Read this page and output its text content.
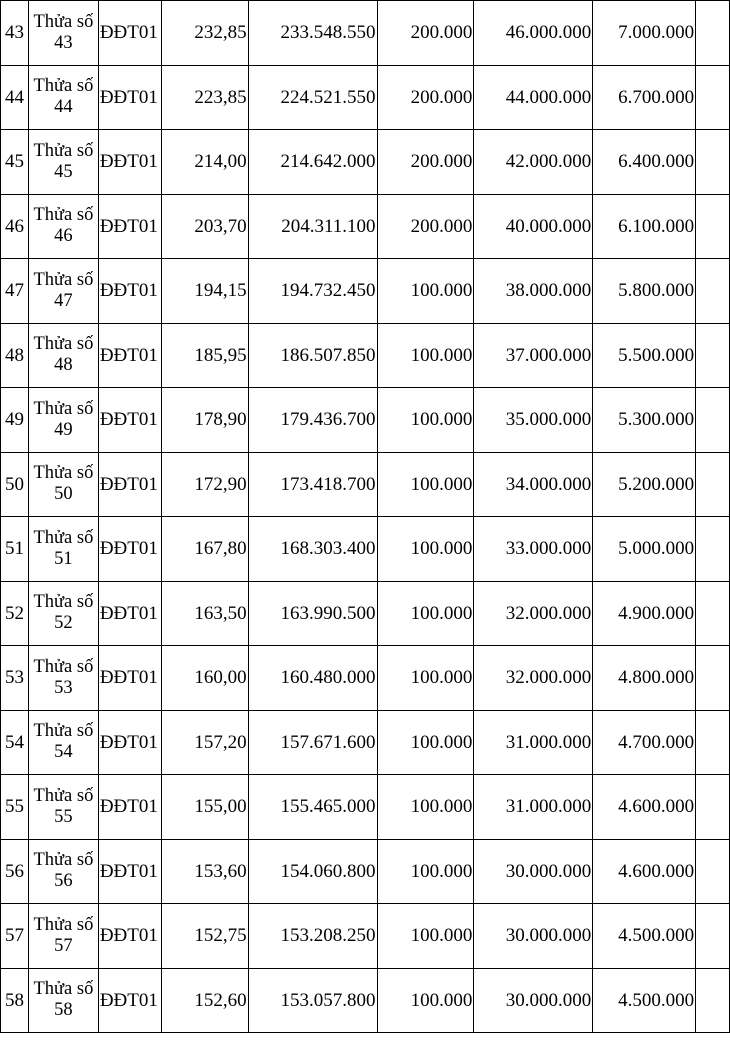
43	Thửa số 43	ĐĐT01	232,85	233.548.550	200.000	46.000.000	7.000.000	
44	Thửa số 44	ĐĐT01	223,85	224.521.550	200.000	44.000.000	6.700.000	
45	Thửa số 45	ĐĐT01	214,00	214.642.000	200.000	42.000.000	6.400.000	
46	Thửa số 46	ĐĐT01	203,70	204.311.100	200.000	40.000.000	6.100.000	
47	Thửa số 47	ĐĐT01	194,15	194.732.450	100.000	38.000.000	5.800.000	
48	Thửa số 48	ĐĐT01	185,95	186.507.850	100.000	37.000.000	5.500.000	
49	Thửa số 49	ĐĐT01	178,90	179.436.700	100.000	35.000.000	5.300.000	
50	Thửa số 50	ĐĐT01	172,90	173.418.700	100.000	34.000.000	5.200.000	
51	Thửa số 51	ĐĐT01	167,80	168.303.400	100.000	33.000.000	5.000.000	
52	Thửa số 52	ĐĐT01	163,50	163.990.500	100.000	32.000.000	4.900.000	
53	Thửa số 53	ĐĐT01	160,00	160.480.000	100.000	32.000.000	4.800.000	
54	Thửa số 54	ĐĐT01	157,20	157.671.600	100.000	31.000.000	4.700.000	
55	Thửa số 55	ĐĐT01	155,00	155.465.000	100.000	31.000.000	4.600.000	
56	Thửa số 56	ĐĐT01	153,60	154.060.800	100.000	30.000.000	4.600.000	
57	Thửa số 57	ĐĐT01	152,75	153.208.250	100.000	30.000.000	4.500.000	
58	Thửa số 58	ĐĐT01	152,60	153.057.800	100.000	30.000.000	4.500.000	
